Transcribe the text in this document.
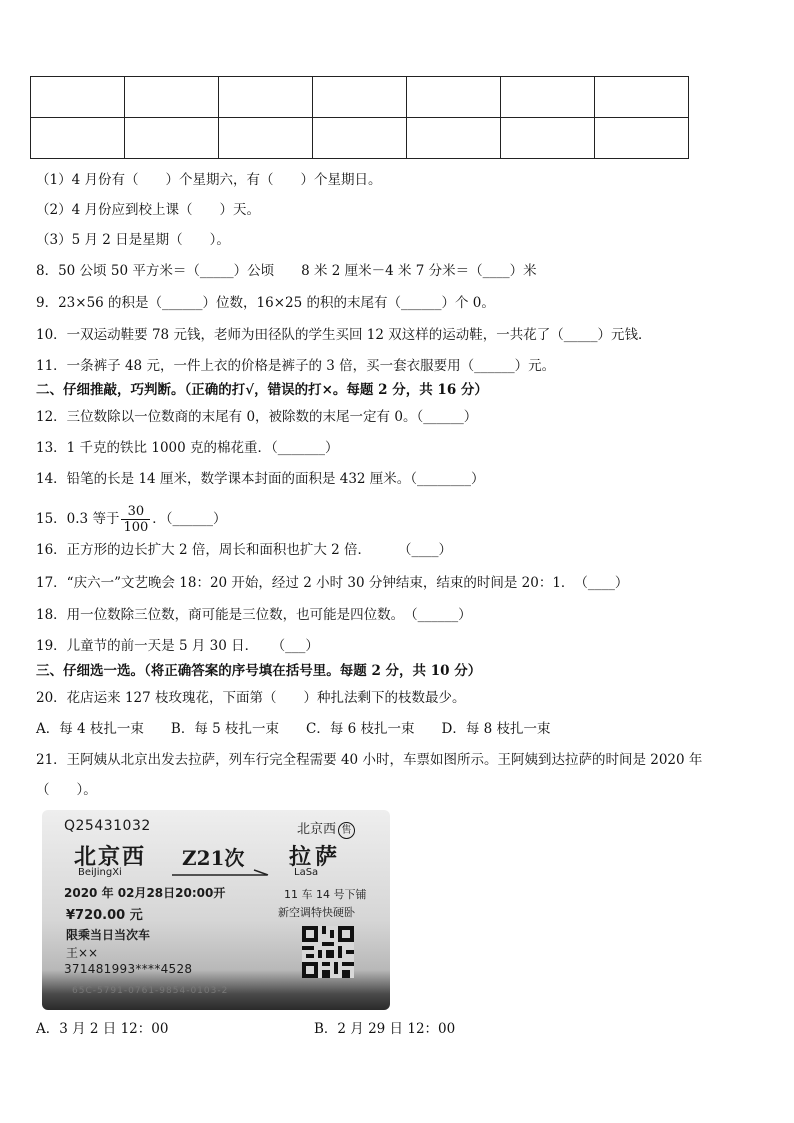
（1）4 月份有（　　）个星期六，有（　　）个星期日。
（2）4 月份应到校上课（　　）天。
（3）5 月 2 日是星期（　　）。
8．50 公顷 50 平方米＝（_____）公顷　　8 米 2 厘米－4 米 7 分米＝（____）米
9．23×56 的积是（______）位数，16×25 的积的末尾有（______）个 0。
10．一双运动鞋要 78 元钱，老师为田径队的学生买回 12 双这样的运动鞋，一共花了（_____）元钱．
11．一条裤子 48 元，一件上衣的价格是裤子的 3 倍，买一套衣服要用（______）元。
二、仔细推敲，巧判断。（正确的打√，错误的打×。每题 2 分，共 16 分）
12．三位数除以一位数商的末尾有 0，被除数的末尾一定有 0。（______）
13．1 千克的铁比 1000 克的棉花重．（_______）
14．铅笔的长是 14 厘米，数学课本封面的面积是 432 厘米。（________）
16．正方形的边长扩大 2 倍，周长和面积也扩大 2 倍．　　　（____）
17．“庆六一”文艺晚会 18：20 开始，经过 2 小时 30 分钟结束，结束的时间是 20：1．　（____）
18．用一位数除三位数，商可能是三位数，也可能是四位数。　（______）
19．儿童节的前一天是 5 月 30 日．　　（___）
三、仔细选一选。（将正确答案的序号填在括号里。每题 2 分，共 10 分）
20．花店运来 127 枝玫瑰花，下面第（　　）种扎法剩下的枝数最少。
A．每 4 枝扎一束　　B．每 5 枝扎一束　　C．每 6 枝扎一束　　D．每 8 枝扎一束
21．王阿姨从北京出发去拉萨，列车行完全程需要 40 小时，车票如图所示。王阿姨到达拉萨的时间是 2020 年
（　　）。
15．0.3 等于 $\frac{30}{100}$ ．（______）
Q25431032	北京西 售
北京西
BeiJingXi
Z21次 拉萨
LaSa
2020 年 02月28日20:00开	11 车 14 号下铺
¥720.00 元	新空调特快硬卧
限乘当日当次车
王××
371481993****4528
65C-5791-0761-9854-0103-2
A．3 月 2 日 12：00	B．2 月 29 日 12：00
